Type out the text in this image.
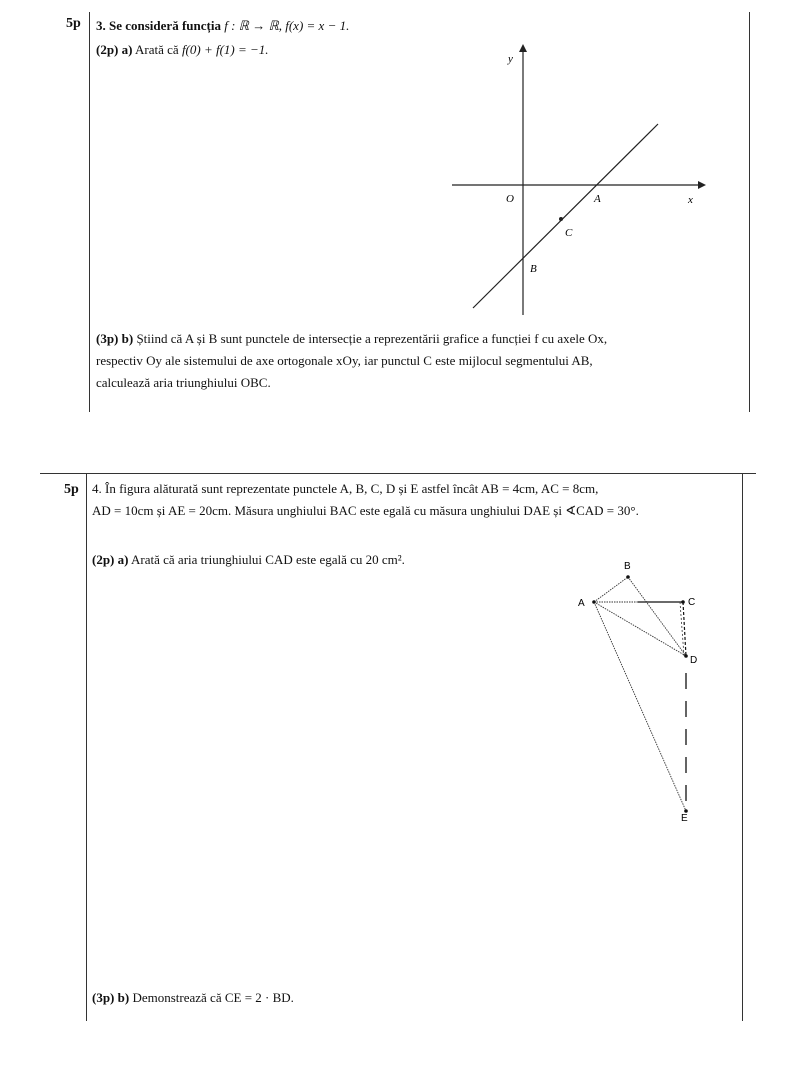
5p 3. Se consideră funcția f : ℝ → ℝ, f(x) = x − 1.
(2p) a) Arată că f(0) + f(1) = −1.
y
x
O	A
B
C
(3p) b) Știind că A și B sunt punctele de intersecție a reprezentării grafice a funcției f cu axele Ox,
respectiv Oy ale sistemului de axe ortogonale xOy, iar punctul C este mijlocul segmentului AB,
calculează aria triunghiului OBC.
5p 4. În figura alăturată sunt reprezentate punctele A, B, C, D și E astfel încât AB = 4cm, AC = 8cm,
AD = 10cm și AE = 20cm. Măsura unghiului BAC este egală cu măsura unghiului DAE și ∢CAD = 30°.
(2p) a) Arată că aria triunghiului CAD este egală cu 20 cm².
A
B
C
D
E
(3p) b) Demonstrează că CE = 2 · BD.
